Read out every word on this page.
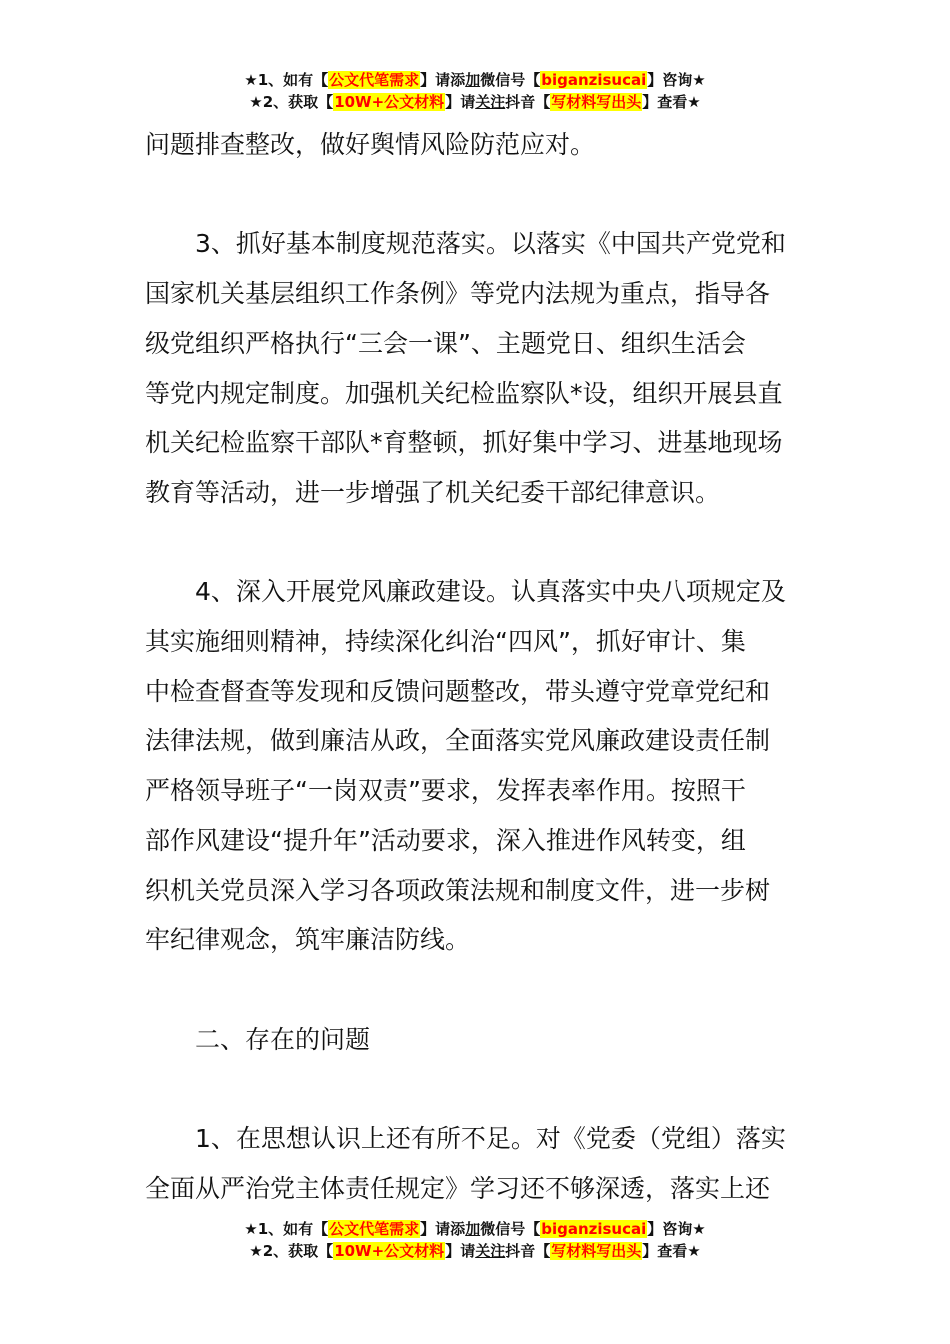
★1、如有【公文代笔需求】请添加微信号【biganzisucai】咨询★
★2、获取【10W+公文材料】请关注抖音【写材料写出头】查看★
问题排查整改，做好舆情风险防范应对。
3、抓好基本制度规范落实。以落实《中国共产党党和
国家机关基层组织工作条例》等党内法规为重点，指导各
级党组织严格执行“三会一课”、主题党日、组织生活会
等党内规定制度。加强机关纪检监察队*设，组织开展县直
机关纪检监察干部队*育整顿，抓好集中学习、进基地现场
教育等活动，进一步增强了机关纪委干部纪律意识。
4、深入开展党风廉政建设。认真落实中央八项规定及
其实施细则精神，持续深化纠治“四风”，抓好审计、集
中检查督查等发现和反馈问题整改，带头遵守党章党纪和
法律法规，做到廉洁从政，全面落实党风廉政建设责任制
严格领导班子“一岗双责”要求，发挥表率作用。按照干
部作风建设“提升年”活动要求，深入推进作风转变，组
织机关党员深入学习各项政策法规和制度文件，进一步树
牢纪律观念，筑牢廉洁防线。
二、存在的问题
1、在思想认识上还有所不足。对《党委（党组）落实
全面从严治党主体责任规定》学习还不够深透，落实上还
★1、如有【公文代笔需求】请添加微信号【biganzisucai】咨询★
★2、获取【10W+公文材料】请关注抖音【写材料写出头】查看★
